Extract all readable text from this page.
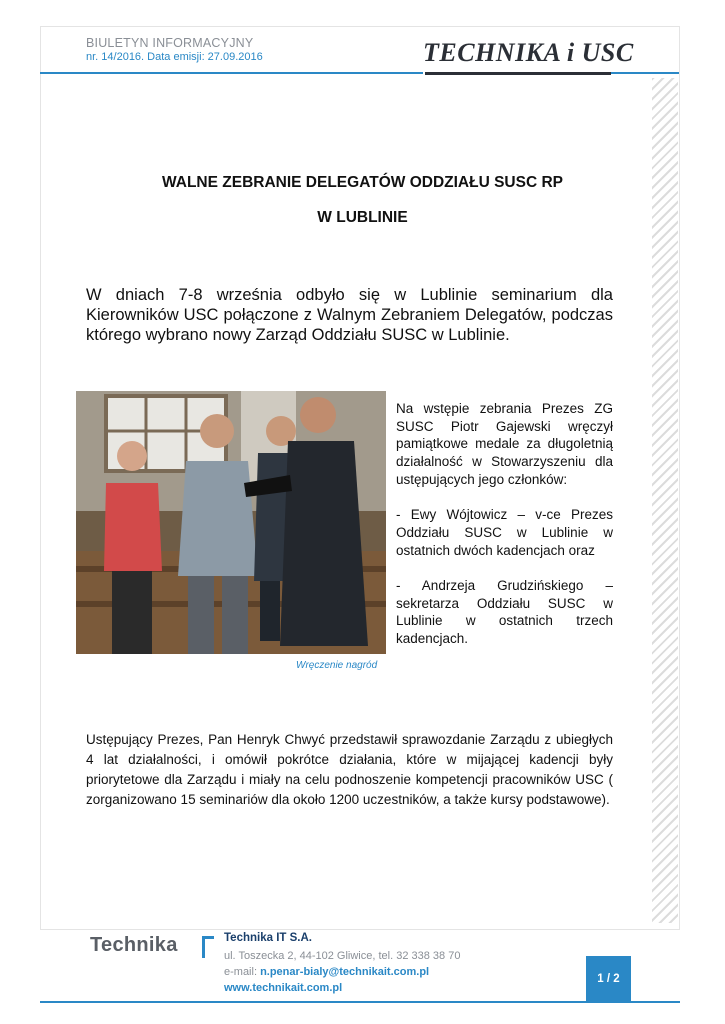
BIULETYN INFORMACYJNY
nr. 14/2016. Data emisji: 27.09.2016	TECHNIKA i USC
WALNE ZEBRANIE DELEGATÓW ODDZIAŁU SUSC RP
W LUBLINIE
W dniach 7-8 września odbyło się w Lublinie seminarium dla Kierowników USC połączone z Walnym Zebraniem Delegatów, podczas którego wybrano nowy Zarząd Oddziału SUSC w Lublinie.
Wręczenie nagród

Na wstępie zebrania Prezes ZG SUSC Piotr Gajewski wręczył pamiątkowe medale za długoletnią działalność w Stowarzyszeniu dla ustępujących jego członków:

- Ewy Wójtowicz – v-ce Prezes Oddziału SUSC w Lublinie w ostatnich dwóch kadencjach oraz

- Andrzeja Grudzińskiego – sekretarza Oddziału SUSC w Lublinie w ostatnich trzech kadencjach.

Ustępujący Prezes, Pan Henryk Chwyć przedstawił sprawozdanie Zarządu z ubiegłych 4 lat działalności, i omówił pokrótce działania, które w mijającej kadencji były priorytetowe dla Zarządu i miały na celu podnoszenie kompetencji pracowników USC ( zorganizowano 15 seminariów dla około 1200 uczestników, a także kursy podstawowe).
Technika	Technika IT S.A.
ul. Toszecka 2, 44-102 Gliwice, tel. 32 338 38 70
e-mail: n.penar-bialy@technikait.com.pl
www.technikait.com.pl
1 / 2
